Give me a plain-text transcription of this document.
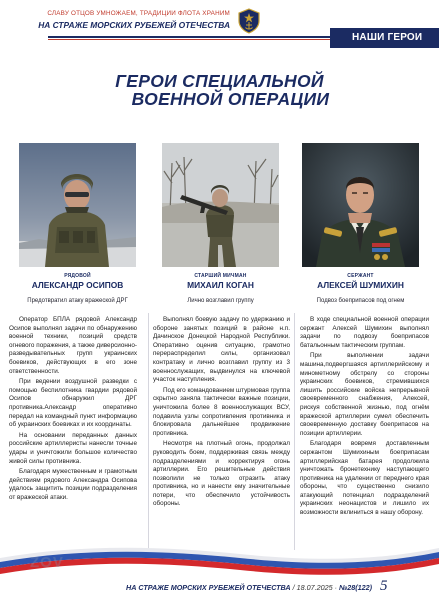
СЛАВУ ОТЦОВ УМНОЖАЕМ, ТРАДИЦИИ ФЛОТА ХРАНИМ
НА СТРАЖЕ МОРСКИХ РУБЕЖЕЙ ОТЕЧЕСТВА
НАШИ ГЕРОИ
ГЕРОИ СПЕЦИАЛЬНОЙ
ВОЕННОЙ ОПЕРАЦИИ
РЯДОВОЙ
АЛЕКСАНДР ОСИПОВ
Предотвратил атаку вражеской ДРГ

Оператор БПЛА рядовой Александр Осипов выполнял задачи по обнаружению военной техники, позиций средств огневого поражения, а также диверсионно-разведывательных групп украинских боевиков, действующих в его зоне ответственности.

При ведении воздушной разведки с помощью беспилотника гвардии рядовой Осипов обнаружил ДРГ противника.Александр оперативно передал на командный пункт информацию об украинских боевиках и их координаты.

На основании переданных данных российские артиллеристы нанесли точные удары и уничтожили большое количество живой силы противника.

Благодаря мужественным и грамотным действиям рядового Александра Осипова удалось защитить позиции подразделения от вражеской атаки.

СТАРШИЙ МИЧМАН
МИХАИЛ КОГАН
Лично возглавил группу

Выполнял боевую задачу по удержанию и обороне занятых позиций в районе н.п. Дачинское Донецкой Народной Республики. Оперативно оценив ситуацию, грамотно перераспределил силы, организовал контратаку и лично возглавил группу из 3 военнослужащих, выдвинулся на ключевой участок наступления.

Под его командованием штурмовая группа скрытно заняла тактически важные позиции, уничтожила более 8 военнослужащих ВСУ, подавила узлы сопротивления противника и блокировала дальнейшее продвижение противника.

Несмотря на плотный огонь, продолжал руководить боем, поддерживая связь между подразделениями и корректируя огонь артиллерии. Его решительные действия позволили не только отразить атаку противника, но и нанести ему значительные потери, что обеспечило устойчивость обороны.

СЕРЖАНТ
АЛЕКСЕЙ ШУМИХИН
Подвоз боеприпасов под огнем

В ходе специальной военной операции сержант Алексей Шумихин выполнял задачи по подвозу боеприпасов батальонным тактическим группам.

При выполнении задачи машина,подвергшаяся артиллерийскому и минометному обстрелу со стороны украинских боевиков, стремившихся лишить российские войска непрерывной своевременного снабжения, Алексей, рискуя собственной жизнью, под огнём вражеской артиллерии сумел обеспечить своевременную доставку боеприпасов на позиции артиллерии.

Благодаря вовремя доставленным сержантом Шумихиным боеприпасам артиллерийская батарея продолжила уничтожать бронетехнику наступающего противника на удалении от переднего края обороны, что существенно снизило атакующий потенциал подразделений украинских неонацистов и лишило их возможности вклиниться в нашу оборону.

ZOV
НА СТРАЖЕ МОРСКИХ РУБЕЖЕЙ ОТЕЧЕСТВА / 18.07.2025 · №28(122) 5
